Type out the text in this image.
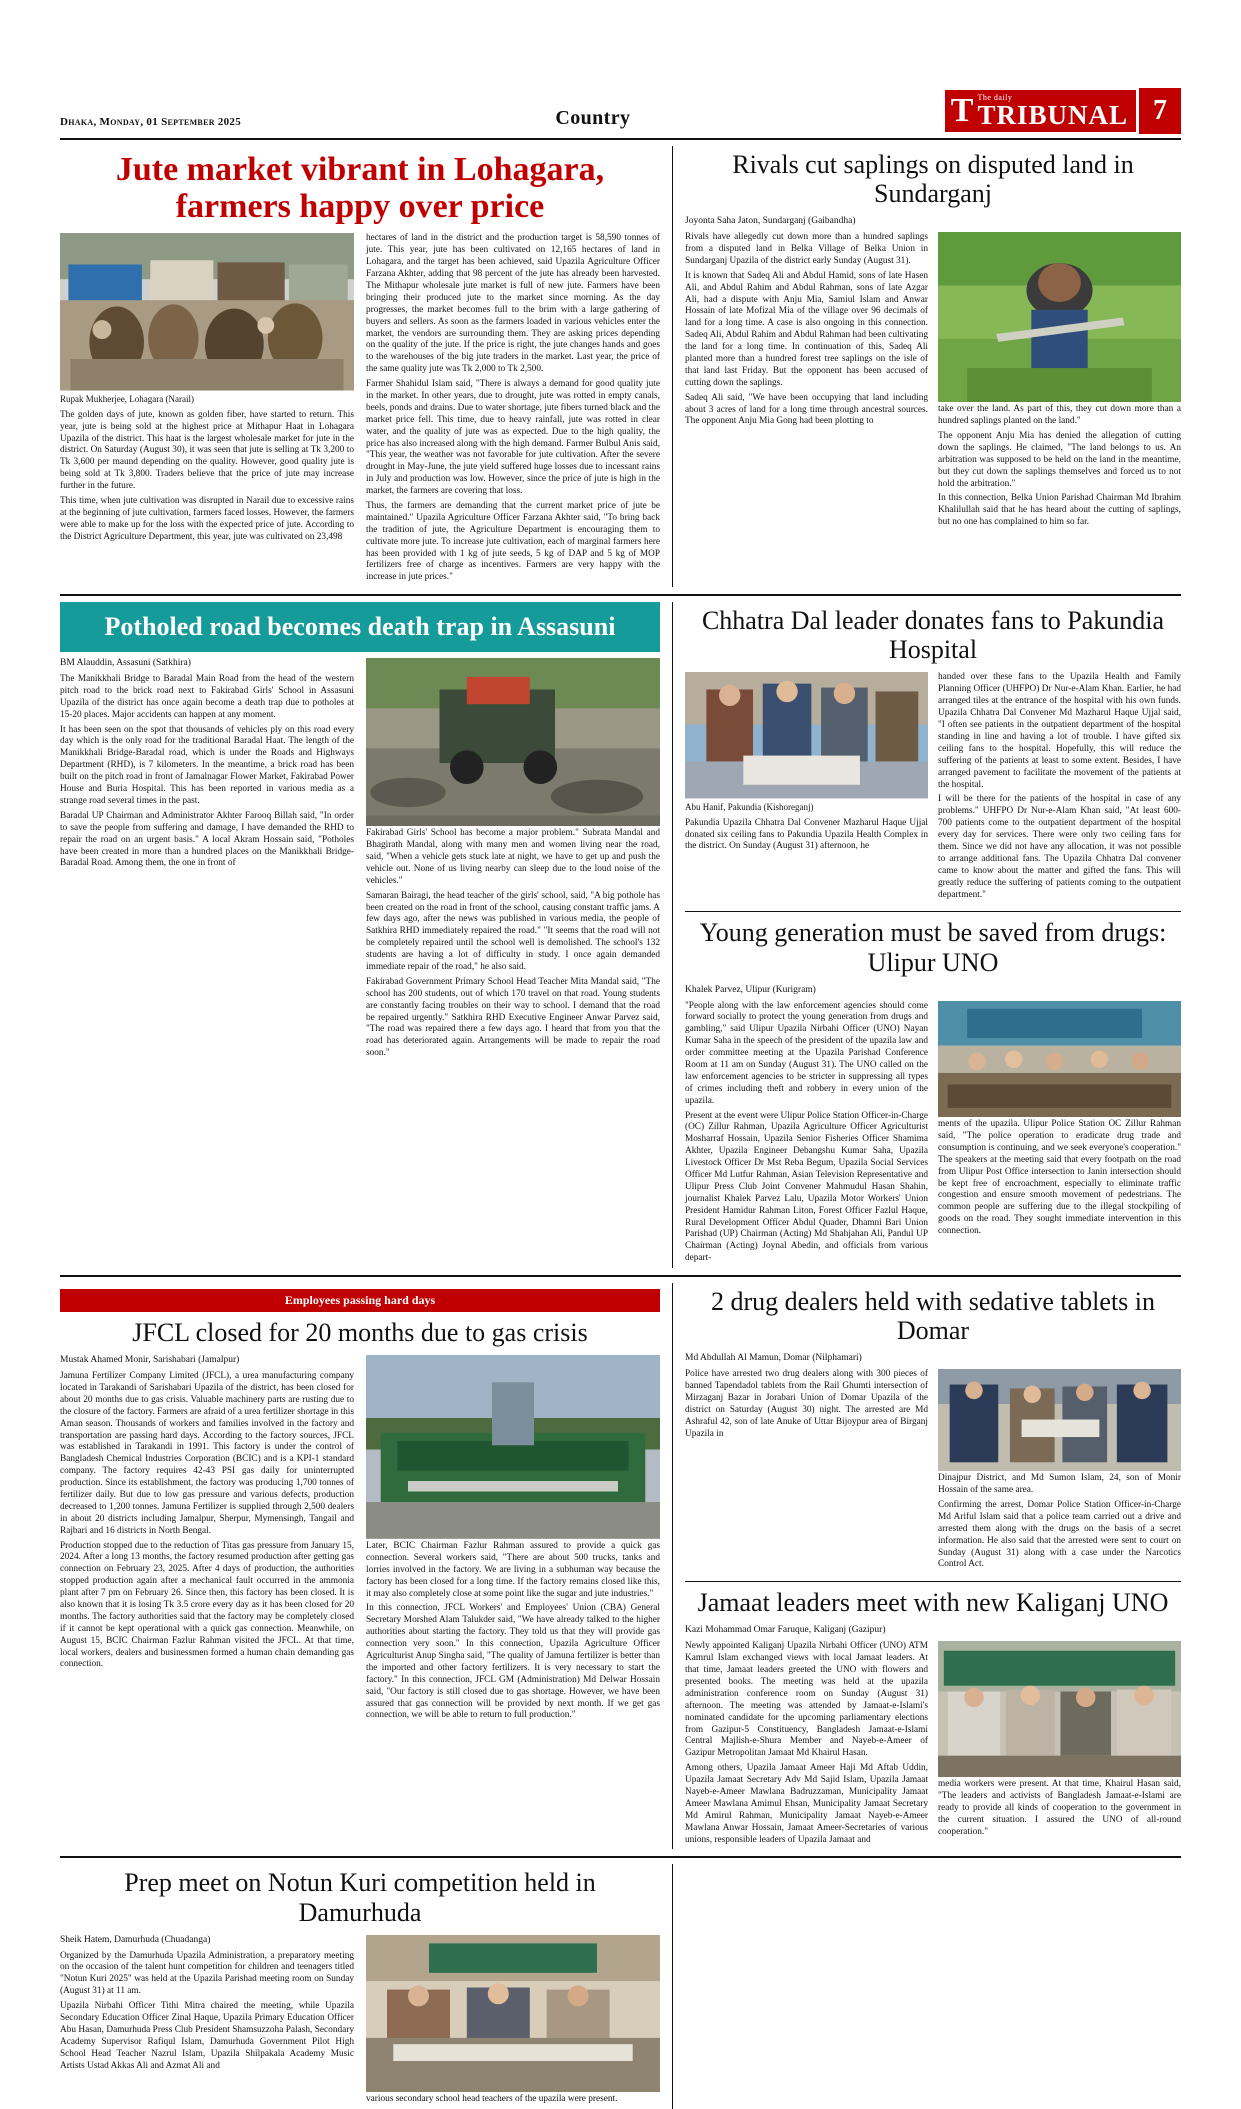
Dhaka, Monday, 01 September 2025	Country	T The daily
TRIBUNAL 7
Jute market vibrant in Lohagara, farmers happy over price
Rupak Mukherjee, Lohagara (Narail)

The golden days of jute, known as golden fiber, have started to return. This year, jute is being sold at the highest price at Mithapur Haat in Lohagara Upazila of the district. This haat is the largest wholesale market for jute in the district. On Saturday (August 30), it was seen that jute is selling at Tk 3,200 to Tk 3,600 per maund depending on the quality. However, good quality jute is being sold at Tk 3,800. Traders believe that the price of jute may increase further in the future.

This time, when jute cultivation was disrupted in Narail due to excessive rains at the beginning of jute cultivation, farmers faced losses. However, the farmers were able to make up for the loss with the expected price of jute. According to the District Agriculture Department, this year, jute was cultivated on 23,498

hectares of land in the district and the production target is 58,590 tonnes of jute. This year, jute has been cultivated on 12,165 hectares of land in Lohagara, and the target has been achieved, said Upazila Agriculture Officer Farzana Akhter, adding that 98 percent of the jute has already been harvested. The Mithapur wholesale jute market is full of new jute. Farmers have been bringing their produced jute to the market since morning. As the day progresses, the market becomes full to the brim with a large gathering of buyers and sellers. As soon as the farmers loaded in various vehicles enter the market, the vendors are surrounding them. They are asking prices depending on the quality of the jute. If the price is right, the jute changes hands and goes to the warehouses of the big jute traders in the market. Last year, the price of the same quality jute was Tk 2,000 to Tk 2,500.

Farmer Shahidul Islam said, "There is always a demand for good quality jute in the market. In other years, due to drought, jute was rotted in empty canals, beels, ponds and drains. Due to water shortage, jute fibers turned black and the market price fell. This time, due to heavy rainfall, jute was rotted in clear water, and the quality of jute was as expected. Due to the high quality, the price has also increased along with the high demand. Farmer Bulbul Anis said, "This year, the weather was not favorable for jute cultivation. After the severe drought in May-June, the jute yield suffered huge losses due to incessant rains in July and production was low. However, since the price of jute is high in the market, the farmers are covering that loss.

Thus, the farmers are demanding that the current market price of jute be maintained." Upazila Agriculture Officer Farzana Akhter said, "To bring back the tradition of jute, the Agriculture Department is encouraging them to cultivate more jute. To increase jute cultivation, each of marginal farmers here has been provided with 1 kg of jute seeds, 5 kg of DAP and 5 kg of MOP fertilizers free of charge as incentives. Farmers are very happy with the increase in jute prices."

Rivals cut saplings on disputed land in Sundarganj
Joyonta Saha Jaton, Sundarganj (Gaibandha)

Rivals have allegedly cut down more than a hundred saplings from a disputed land in Belka Village of Belka Union in Sundarganj Upazila of the district early Sunday (August 31).

It is known that Sadeq Ali and Abdul Hamid, sons of late Hasen Ali, and Abdul Rahim and Abdul Rahman, sons of late Azgar Ali, had a dispute with Anju Mia, Samiul Islam and Anwar Hossain of late Mofizal Mia of the village over 96 decimals of land for a long time. A case is also ongoing in this connection. Sadeq Ali, Abdul Rahim and Abdul Rahman had been cultivating the land for a long time. In continuation of this, Sadeq Ali planted more than a hundred forest tree saplings on the isle of that land last Friday. But the opponent has been accused of cutting down the saplings.

Sadeq Ali said, "We have been occupying that land including about 3 acres of land for a long time through ancestral sources. The opponent Anju Mia Gong had been plotting to

take over the land. As part of this, they cut down more than a hundred saplings planted on the land."

The opponent Anju Mia has denied the allegation of cutting down the saplings. He claimed, "The land belongs to us. An arbitration was supposed to be held on the land in the meantime, but they cut down the saplings themselves and forced us to not hold the arbitration."

In this connection, Belka Union Parishad Chairman Md Ibrahim Khalilullah said that he has heard about the cutting of saplings, but no one has complained to him so far.

Potholed road becomes death trap in Assasuni
BM Alauddin, Assasuni (Satkhira)

The Manikkhali Bridge to Baradal Main Road from the head of the western pitch road to the brick road next to Fakirabad Girls' School in Assasuni Upazila of the district has once again become a death trap due to potholes at 15-20 places. Major accidents can happen at any moment.

It has been seen on the spot that thousands of vehicles ply on this road every day which is the only road for the traditional Baradal Haat. The length of the Manikkhali Bridge-Baradal road, which is under the Roads and Highways Department (RHD), is 7 kilometers. In the meantime, a brick road has been built on the pitch road in front of Jamalnagar Flower Market, Fakirabad Power House and Buria Hospital. This has been reported in various media as a strange road several times in the past.

Baradal UP Chairman and Administrator Akhter Farooq Billah said, "In order to save the people from suffering and damage, I have demanded the RHD to repair the road on an urgent basis." A local Akram Hossain said, "Potholes have been created in more than a hundred places on the Manikkhali Bridge-Baradal Road. Among them, the one in front of

Fakirabad Girls' School has become a major problem." Subrata Mandal and Bhagirath Mandal, along with many men and women living near the road, said, "When a vehicle gets stuck late at night, we have to get up and push the vehicle out. None of us living nearby can sleep due to the loud noise of the vehicles."

Samaran Bairagi, the head teacher of the girls' school, said, "A big pothole has been created on the road in front of the school, causing constant traffic jams. A few days ago, after the news was published in various media, the people of Satkhira RHD immediately repaired the road." "It seems that the road will not be completely repaired until the school well is demolished. The school's 132 students are having a lot of difficulty in study. I once again demanded immediate repair of the road," he also said.

Fakirabad Government Primary School Head Teacher Mita Mandal said, "The school has 200 students, out of which 170 travel on that road. Young students are constantly facing troubles on their way to school. I demand that the road be repaired urgently." Satkhira RHD Executive Engineer Anwar Parvez said, "The road was repaired there a few days ago. I heard that from you that the road has deteriorated again. Arrangements will be made to repair the road soon."

Chhatra Dal leader donates fans to Pakundia Hospital
Abu Hanif, Pakundia (Kishoreganj)

Pakundia Upazila Chhatra Dal Convener Mazharul Haque Ujjal donated six ceiling fans to Pakundia Upazila Health Complex in the district. On Sunday (August 31) afternoon, he

handed over these fans to the Upazila Health and Family Planning Officer (UHFPO) Dr Nur-e-Alam Khan. Earlier, he had arranged tiles at the entrance of the hospital with his own funds. Upazila Chhatra Dal Convener Md Mazharul Haque Ujjal said, "I often see patients in the outpatient department of the hospital standing in line and having a lot of trouble. I have gifted six ceiling fans to the hospital. Hopefully, this will reduce the suffering of the patients at least to some extent. Besides, I have arranged pavement to facilitate the movement of the patients at the hospital.

I will be there for the patients of the hospital in case of any problems." UHFPO Dr Nur-e-Alam Khan said, "At least 600-700 patients come to the outpatient department of the hospital every day for services. There were only two ceiling fans for them. Since we did not have any allocation, it was not possible to arrange additional fans. The Upazila Chhatra Dal convener came to know about the matter and gifted the fans. This will greatly reduce the suffering of patients coming to the outpatient department."

Young generation must be saved from drugs: Ulipur UNO
Khalek Parvez, Ulipur (Kurigram)

"People along with the law enforcement agencies should come forward socially to protect the young generation from drugs and gambling," said Ulipur Upazila Nirbahi Officer (UNO) Nayan Kumar Saha in the speech of the president of the upazila law and order committee meeting at the Upazila Parishad Conference Room at 11 am on Sunday (August 31). The UNO called on the law enforcement agencies to be stricter in suppressing all types of crimes including theft and robbery in every union of the upazila.

Present at the event were Ulipur Police Station Officer-in-Charge (OC) Zillur Rahman, Upazila Agriculture Officer Agriculturist Mosharraf Hossain, Upazila Senior Fisheries Officer Shamima Akhter, Upazila Engineer Debangshu Kumar Saha, Upazila Livestock Officer Dr Mst Reba Begum, Upazila Social Services Officer Md Lutfur Rahman, Asian Television Representative and Ulipur Press Club Joint Convener Mahmudul Hasan Shahin, journalist Khalek Parvez Lalu, Upazila Motor Workers' Union President Hamidur Rahman Liton, Forest Officer Fazlul Haque, Rural Development Officer Abdul Quader, Dhamni Bari Union Parishad (UP) Chairman (Acting) Md Shahjahan Ali, Pandul UP Chairman (Acting) Joynal Abedin, and officials from various depart-

ments of the upazila. Ulipur Police Station OC Zillur Rahman said, "The police operation to eradicate drug trade and consumption is continuing, and we seek everyone's cooperation." The speakers at the meeting said that every footpath on the road from Ulipur Post Office intersection to Janin intersection should be kept free of encroachment, especially to eliminate traffic congestion and ensure smooth movement of pedestrians. The common people are suffering due to the illegal stockpiling of goods on the road. They sought immediate intervention in this connection.

Employees passing hard days
JFCL closed for 20 months due to gas crisis
Mustak Ahamed Monir, Sarishabari (Jamalpur)

Jamuna Fertilizer Company Limited (JFCL), a urea manufacturing company located in Tarakandi of Sarishabari Upazila of the district, has been closed for about 20 months due to gas crisis. Valuable machinery parts are rusting due to the closure of the factory. Farmers are afraid of a urea fertilizer shortage in this Aman season. Thousands of workers and families involved in the factory and transportation are passing hard days. According to the factory sources, JFCL was established in Tarakandi in 1991. This factory is under the control of Bangladesh Chemical Industries Corporation (BCIC) and is a KPI-1 standard company. The factory requires 42-43 PSI gas daily for uninterrupted production. Since its establishment, the factory was producing 1,700 tonnes of fertilizer daily. But due to low gas pressure and various defects, production decreased to 1,200 tonnes. Jamuna Fertilizer is supplied through 2,500 dealers in about 20 districts including Jamalpur, Sherpur, Mymensingh, Tangail and Rajbari and 16 districts in North Bengal.

Production stopped due to the reduction of Titas gas pressure from January 15, 2024. After a long 13 months, the factory resumed production after getting gas connection on February 23, 2025. After 4 days of production, the authorities stopped production again after a mechanical fault occurred in the ammonia plant after 7 pm on February 26. Since then, this factory has been closed. It is also known that it is losing Tk 3.5 crore every day as it has been closed for 20 months. The factory authorities said that the factory may be completely closed if it cannot be kept operational with a quick gas connection. Meanwhile, on August 15, BCIC Chairman Fazlur Rahman visited the JFCL. At that time, local workers, dealers and businessmen formed a human chain demanding gas connection.

Later, BCIC Chairman Fazlur Rahman assured to provide a quick gas connection. Several workers said, "There are about 500 trucks, tanks and lorries involved in the factory. We are living in a subhuman way because the factory has been closed for a long time. If the factory remains closed like this, it may also completely close at some point like the sugar and jute industries."

In this connection, JFCL Workers' and Employees' Union (CBA) General Secretary Morshed Alam Talukder said, "We have already talked to the higher authorities about starting the factory. They told us that they will provide gas connection very soon." In this connection, Upazila Agriculture Officer Agriculturist Anup Singha said, "The quality of Jamuna fertilizer is better than the imported and other factory fertilizers. It is very necessary to start the factory." In this connection, JFCL GM (Administration) Md Delwar Hossain said, "Our factory is still closed due to gas shortage. However, we have been assured that gas connection will be provided by next month. If we get gas connection, we will be able to return to full production."

2 drug dealers held with sedative tablets in Domar
Md Abdullah Al Mamun, Domar (Nilphamari)

Police have arrested two drug dealers along with 300 pieces of banned Tapendadol tablets from the Rail Ghumti intersection of Mirzaganj Bazar in Jorabari Union of Domar Upazila of the district on Saturday (August 30) night. The arrested are Md Ashraful 42, son of late Anuke of Uttar Bijoypur area of Birganj Upazila in

Dinajpur District, and Md Sumon Islam, 24, son of Monir Hossain of the same area.

Confirming the arrest, Domar Police Station Officer-in-Charge Md Ariful Islam said that a police team carried out a drive and arrested them along with the drugs on the basis of a secret information. He also said that the arrested were sent to court on Sunday (August 31) along with a case under the Narcotics Control Act.

Jamaat leaders meet with new Kaliganj UNO
Kazi Mohammad Omar Faruque, Kaliganj (Gazipur)

Newly appointed Kaliganj Upazila Nirbahi Officer (UNO) ATM Kamrul Islam exchanged views with local Jamaat leaders. At that time, Jamaat leaders greeted the UNO with flowers and presented books. The meeting was held at the upazila administration conference room on Sunday (August 31) afternoon. The meeting was attended by Jamaat-e-Islami's nominated candidate for the upcoming parliamentary elections from Gazipur-5 Constituency, Bangladesh Jamaat-e-Islami Central Majlish-e-Shura Member and Nayeb-e-Ameer of Gazipur Metropolitan Jamaat Md Khairul Hasan.

Among others, Upazila Jamaat Ameer Haji Md Aftab Uddin, Upazila Jamaat Secretary Adv Md Sajid Islam, Upazila Jamaat Nayeb-e-Ameer Mawlana Badruzzaman, Municipality Jamaat Ameer Mawlana Amimul Ehsan, Municipality Jamaat Secretary Md Amirul Rahman, Municipality Jamaat Nayeb-e-Ameer Mawlana Anwar Hossain, Jamaat Ameer-Secretaries of various unions, responsible leaders of Upazila Jamaat and

media workers were present. At that time, Khairul Hasan said, "The leaders and activists of Bangladesh Jamaat-e-Islami are ready to provide all kinds of cooperation to the government in the current situation. I assured the UNO of all-round cooperation."

Prep meet on Notun Kuri competition held in Damurhuda
Sheik Hatem, Damurhuda (Chuadanga)

Organized by the Damurhuda Upazila Administration, a preparatory meeting on the occasion of the talent hunt competition for children and teenagers titled "Notun Kuri 2025" was held at the Upazila Parishad meeting room on Sunday (August 31) at 11 am.

Upazila Nirbahi Officer Tithi Mitra chaired the meeting, while Upazila Secondary Education Officer Zinal Haque, Upazila Primary Education Officer Abu Hasan, Damurhuda Press Club President Shamsuzzoha Palash, Secondary Academy Supervisor Rafiqul Islam, Damurhuda Government Pilot High School Head Teacher Nazrul Islam, Upazila Shilpakala Academy Music Artists Ustad Akkas Ali and Azmat Ali and

various secondary school head teachers of the upazila were present.
